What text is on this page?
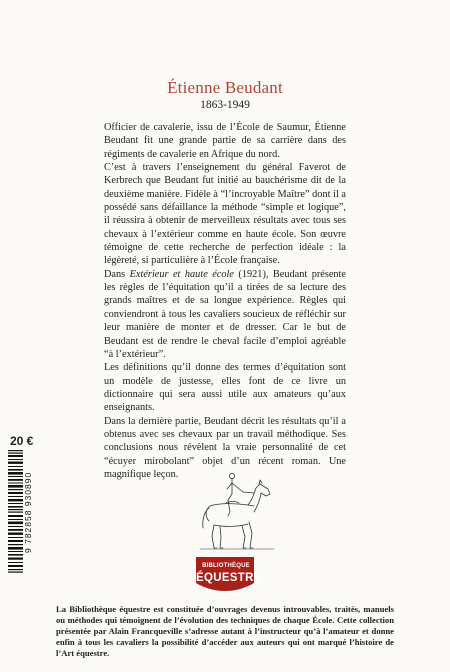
Étienne Beudant
1863-1949

Officier de cavalerie, issu de l’École de Saumur, Étienne Beudant fit une grande partie de sa carrière dans des régiments de cavalerie en Afrique du nord.

C’est à travers l’enseignement du général Faverot de Kerbrech que Beudant fut initié au bauchérisme dit de la deuxième manière. Fidèle à “l’incroyable Maître” dont il a possédé sans défaillance la méthode “simple et logique”, il réussira à obtenir de merveilleux résultats avec tous ses chevaux à l’extérieur comme en haute école. Son œuvre témoigne de cette recherche de perfection idéale : la légèreté, si particulière à l’École française.

Dans Extérieur et haute école (1921), Beudant présente les règles de l’équitation qu’il a tirées de sa lecture des grands maîtres et de sa longue expérience. Règles qui conviendront à tous les cavaliers soucieux de réfléchir sur leur manière de monter et de dresser. Car le but de Beudant est de rendre le cheval facile d’emploi agréable “à l’extérieur”.

Les définitions qu’il donne des termes d’équitation sont un modèle de justesse, elles font de ce livre un dictionnaire qui sera aussi utile aux amateurs qu’aux enseignants.

Dans la dernière partie, Beudant décrit les résultats qu’il a obtenus avec ses chevaux par un travail méthodique. Ses conclusions nous révèlent la vraie personnalité de cet “écuyer mirobolant” objet d’un récent roman. Une magnifique leçon.

20 €
9 782858 930890
BIBLIOTHÈQUE
ÉQUESTRE
La Bibliothèque équestre est constituée d’ouvrages devenus introuvables, traités, manuels ou méthodes qui témoignent de l’évolution des techniques de chaque École. Cette collection présentée par Alain Francqueville s’adresse autant à l’instructeur qu’à l’amateur et donne enfin à tous les cavaliers la possibilité d’accéder aux auteurs qui ont marqué l’histoire de l’Art équestre.
